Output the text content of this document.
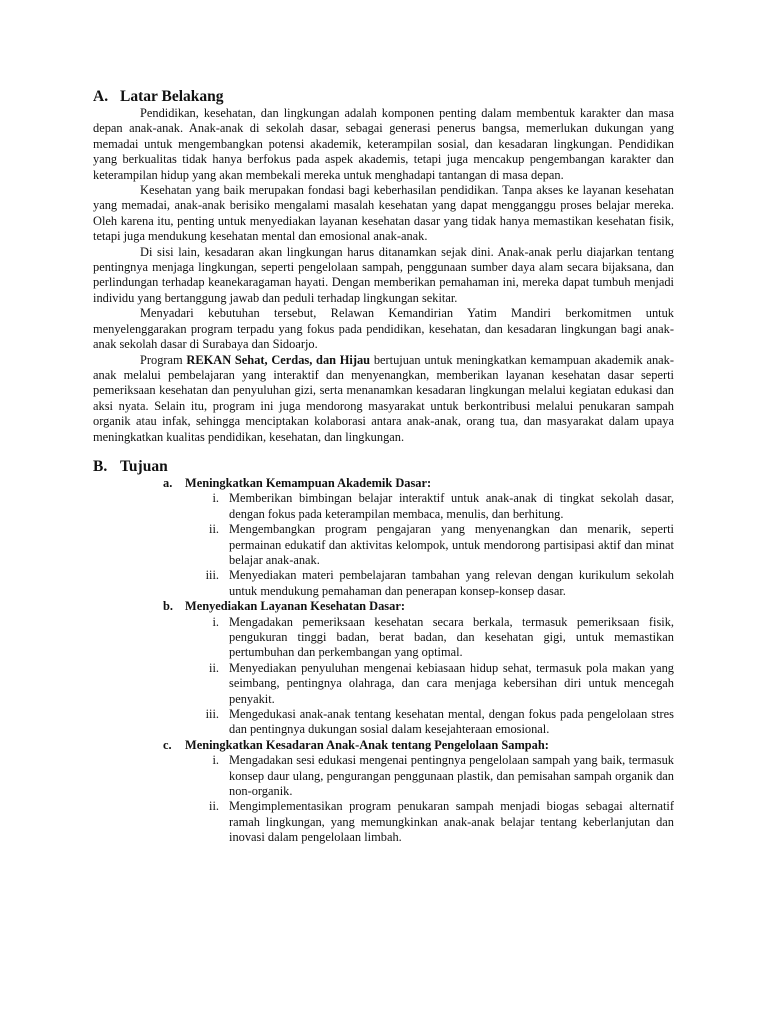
A. Latar Belakang

Pendidikan, kesehatan, dan lingkungan adalah komponen penting dalam membentuk karakter dan masa depan anak-anak. Anak-anak di sekolah dasar, sebagai generasi penerus bangsa, memerlukan dukungan yang memadai untuk mengembangkan potensi akademik, keterampilan sosial, dan kesadaran lingkungan. Pendidikan yang berkualitas tidak hanya berfokus pada aspek akademis, tetapi juga mencakup pengembangan karakter dan keterampilan hidup yang akan membekali mereka untuk menghadapi tantangan di masa depan.

Kesehatan yang baik merupakan fondasi bagi keberhasilan pendidikan. Tanpa akses ke layanan kesehatan yang memadai, anak-anak berisiko mengalami masalah kesehatan yang dapat mengganggu proses belajar mereka. Oleh karena itu, penting untuk menyediakan layanan kesehatan dasar yang tidak hanya memastikan kesehatan fisik, tetapi juga mendukung kesehatan mental dan emosional anak-anak.

Di sisi lain, kesadaran akan lingkungan harus ditanamkan sejak dini. Anak-anak perlu diajarkan tentang pentingnya menjaga lingkungan, seperti pengelolaan sampah, penggunaan sumber daya alam secara bijaksana, dan perlindungan terhadap keanekaragaman hayati. Dengan memberikan pemahaman ini, mereka dapat tumbuh menjadi individu yang bertanggung jawab dan peduli terhadap lingkungan sekitar.

Menyadari kebutuhan tersebut, Relawan Kemandirian Yatim Mandiri berkomitmen untuk menyelenggarakan program terpadu yang fokus pada pendidikan, kesehatan, dan kesadaran lingkungan bagi anak-anak sekolah dasar di Surabaya dan Sidoarjo.

Program REKAN Sehat, Cerdas, dan Hijau bertujuan untuk meningkatkan kemampuan akademik anak-anak melalui pembelajaran yang interaktif dan menyenangkan, memberikan layanan kesehatan dasar seperti pemeriksaan kesehatan dan penyuluhan gizi, serta menanamkan kesadaran lingkungan melalui kegiatan edukasi dan aksi nyata. Selain itu, program ini juga mendorong masyarakat untuk berkontribusi melalui penukaran sampah organik atau infak, sehingga menciptakan kolaborasi antara anak-anak, orang tua, dan masyarakat dalam upaya meningkatkan kualitas pendidikan, kesehatan, dan lingkungan.

B. Tujuan
a.	Meningkatkan Kemampuan Akademik Dasar:
i. Memberikan bimbingan belajar interaktif untuk anak-anak di tingkat sekolah dasar, dengan fokus pada keterampilan membaca, menulis, dan berhitung.
ii. Mengembangkan program pengajaran yang menyenangkan dan menarik, seperti permainan edukatif dan aktivitas kelompok, untuk mendorong partisipasi aktif dan minat belajar anak-anak.
iii. Menyediakan materi pembelajaran tambahan yang relevan dengan kurikulum sekolah untuk mendukung pemahaman dan penerapan konsep-konsep dasar.
b. Menyediakan Layanan Kesehatan Dasar:
i. Mengadakan pemeriksaan kesehatan secara berkala, termasuk pemeriksaan fisik, pengukuran tinggi badan, berat badan, dan kesehatan gigi, untuk memastikan pertumbuhan dan perkembangan yang optimal.
ii. Menyediakan penyuluhan mengenai kebiasaan hidup sehat, termasuk pola makan yang seimbang, pentingnya olahraga, dan cara menjaga kebersihan diri untuk mencegah penyakit.
iii. Mengedukasi anak-anak tentang kesehatan mental, dengan fokus pada pengelolaan stres dan pentingnya dukungan sosial dalam kesejahteraan emosional.
c.	Meningkatkan Kesadaran Anak-Anak tentang Pengelolaan Sampah:
i. Mengadakan sesi edukasi mengenai pentingnya pengelolaan sampah yang baik, termasuk konsep daur ulang, pengurangan penggunaan plastik, dan pemisahan sampah organik dan non-organik.
ii. Mengimplementasikan program penukaran sampah menjadi biogas sebagai alternatif ramah lingkungan, yang memungkinkan anak-anak belajar tentang keberlanjutan dan inovasi dalam pengelolaan limbah.
